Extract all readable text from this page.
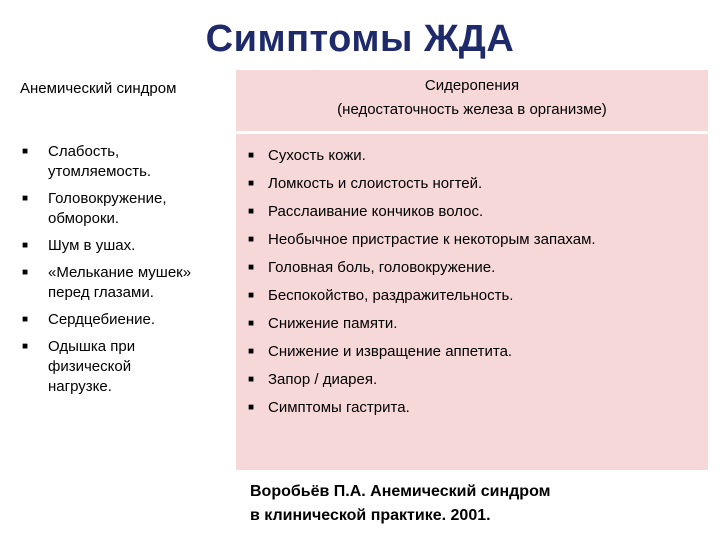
Симптомы ЖДА
Анемический синдром	Сидеропения
(недостаточность железа в организме)
■ Слабость,
утомляемость.
■ Головокружение,
обмороки.
■ Шум в ушах.
■ «Мелькание мушек»
перед глазами.
■ Сердцебиение.
■ Одышка при
физической
нагрузке.
■ Сухость кожи.
■ Ломкость и слоистость ногтей.
■ Расслаивание кончиков волос.
■ Необычное пристрастие к некоторым запахам.
■ Головная боль, головокружение.
■ Беспокойство, раздражительность.
■ Снижение памяти.
■ Снижение и извращение аппетита.
■ Запор / диарея.
■ Симптомы гастрита.
Воробьёв П.А. Анемический синдром
в клинической практике. 2001.
